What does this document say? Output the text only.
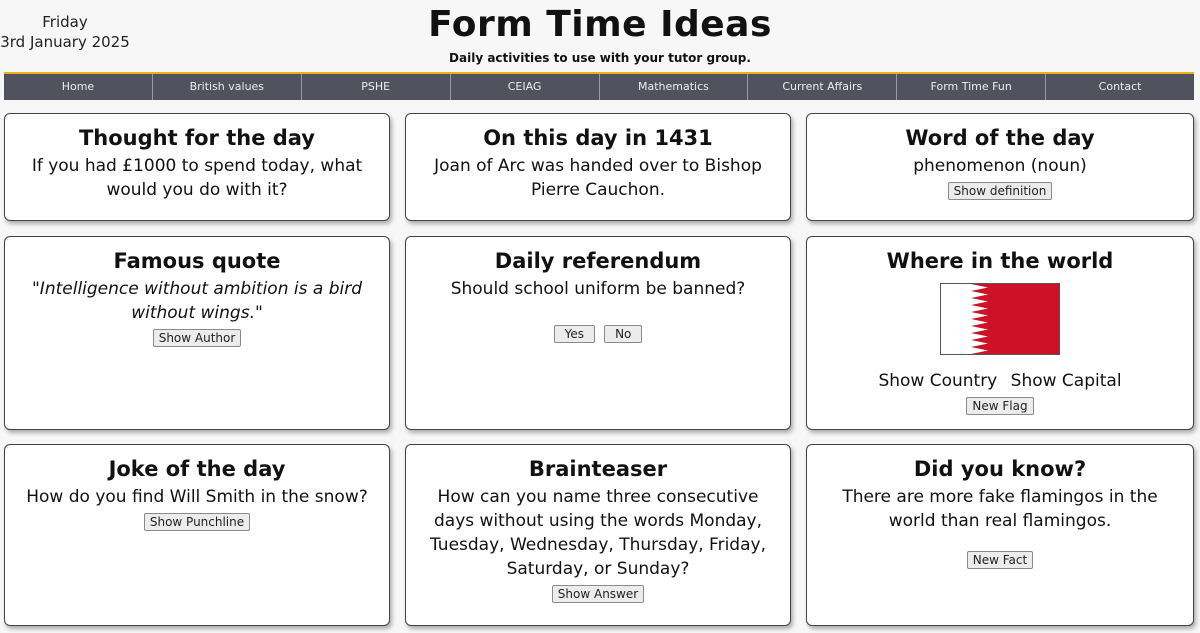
Friday
3rd January 2025	Form Time Ideas
Daily activities to use with your tutor group.
Home	British values	PSHE	CEIAG	Mathematics	Current Affairs	Form Time Fun	Contact
Thought for the day
If you had £1000 to spend today, what would you do with it?
On this day in 1431
Joan of Arc was handed over to Bishop Pierre Cauchon.
Word of the day
phenomenon (noun)
Show definition
Famous quote
"Intelligence without ambition is a bird without wings."
Show Author
Daily referendum
Should school uniform be banned?
Yes	No
Where in the world
Show Country Show Capital
New Flag
Joke of the day
How do you find Will Smith in the snow?
Show Punchline
Brainteaser
How can you name three consecutive days without using the words Monday, Tuesday, Wednesday, Thursday, Friday, Saturday, or Sunday?
Show Answer
Did you know?
There are more fake flamingos in the world than real flamingos.
New Fact
